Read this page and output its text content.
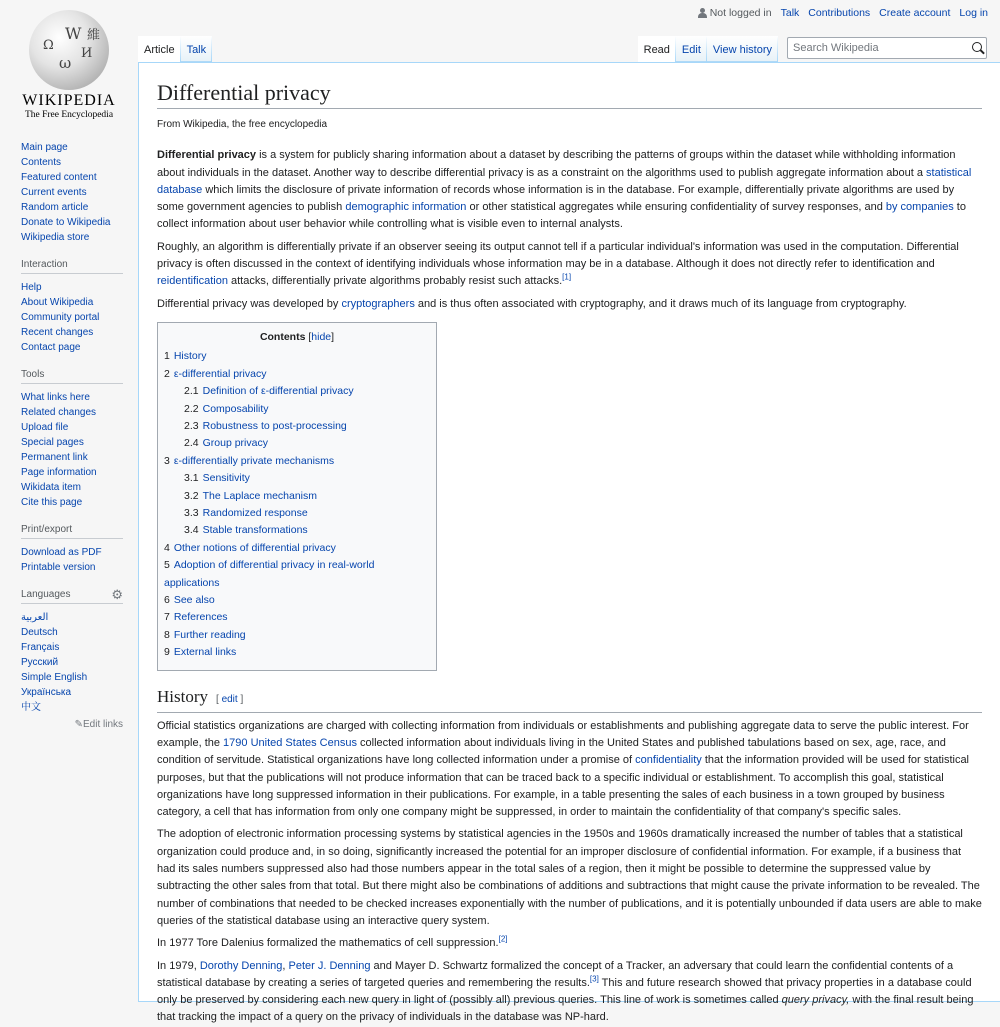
Not logged in Talk Contributions Create account Log in
Ω
W
И
ω
維
WIKIPEDIA
The Free Encyclopedia
Main page
Contents
Featured content
Current events
Random article
Donate to Wikipedia
Wikipedia store
Interaction
Help
About Wikipedia
Community portal
Recent changes
Contact page
Tools
What links here
Related changes
Upload file
Special pages
Permanent link
Page information
Wikidata item
Cite this page
Print/export
Download as PDF
Printable version
Languages	⚙
العربية
Deutsch
Français
Русский
Simple English
Українська
中文
✎Edit links
Article	Talk	Read	Edit	View history
Search Wikipedia
Differential privacy
From Wikipedia, the free encyclopedia

Differential privacy is a system for publicly sharing information about a dataset by describing the patterns of groups within the dataset while withholding information about individuals in the dataset. Another way to describe differential privacy is as a constraint on the algorithms used to publish aggregate information about a statistical database which limits the disclosure of private information of records whose information is in the database. For example, differentially private algorithms are used by some government agencies to publish demographic information or other statistical aggregates while ensuring confidentiality of survey responses, and by companies to collect information about user behavior while controlling what is visible even to internal analysts.

Roughly, an algorithm is differentially private if an observer seeing its output cannot tell if a particular individual's information was used in the computation. Differential privacy is often discussed in the context of identifying individuals whose information may be in a database. Although it does not directly refer to identification and reidentification attacks, differentially private algorithms probably resist such attacks.[1]

Differential privacy was developed by cryptographers and is thus often associated with cryptography, and it draws much of its language from cryptography.

Contents [hide]
1 History
2 ε-differential privacy
2.1 Definition of ε-differential privacy
2.2 Composability
2.3 Robustness to post-processing
2.4 Group privacy
3 ε-differentially private mechanisms
3.1 Sensitivity
3.2 The Laplace mechanism
3.3 Randomized response
3.4 Stable transformations
4 Other notions of differential privacy
5 Adoption of differential privacy in real-world applications
6 See also
7 References
8 Further reading
9 External links
History [ edit ]

Official statistics organizations are charged with collecting information from individuals or establishments and publishing aggregate data to serve the public interest. For example, the 1790 United States Census collected information about individuals living in the United States and published tabulations based on sex, age, race, and condition of servitude. Statistical organizations have long collected information under a promise of confidentiality that the information provided will be used for statistical purposes, but that the publications will not produce information that can be traced back to a specific individual or establishment. To accomplish this goal, statistical organizations have long suppressed information in their publications. For example, in a table presenting the sales of each business in a town grouped by business category, a cell that has information from only one company might be suppressed, in order to maintain the confidentiality of that company's specific sales.

The adoption of electronic information processing systems by statistical agencies in the 1950s and 1960s dramatically increased the number of tables that a statistical organization could produce and, in so doing, significantly increased the potential for an improper disclosure of confidential information. For example, if a business that had its sales numbers suppressed also had those numbers appear in the total sales of a region, then it might be possible to determine the suppressed value by subtracting the other sales from that total. But there might also be combinations of additions and subtractions that might cause the private information to be revealed. The number of combinations that needed to be checked increases exponentially with the number of publications, and it is potentially unbounded if data users are able to make queries of the statistical database using an interactive query system.

In 1977 Tore Dalenius formalized the mathematics of cell suppression.[2]

In 1979, Dorothy Denning, Peter J. Denning and Mayer D. Schwartz formalized the concept of a Tracker, an adversary that could learn the confidential contents of a statistical database by creating a series of targeted queries and remembering the results.[3] This and future research showed that privacy properties in a database could only be preserved by considering each new query in light of (possibly all) previous queries. This line of work is sometimes called query privacy, with the final result being that tracking the impact of a query on the privacy of individuals in the database was NP-hard.
